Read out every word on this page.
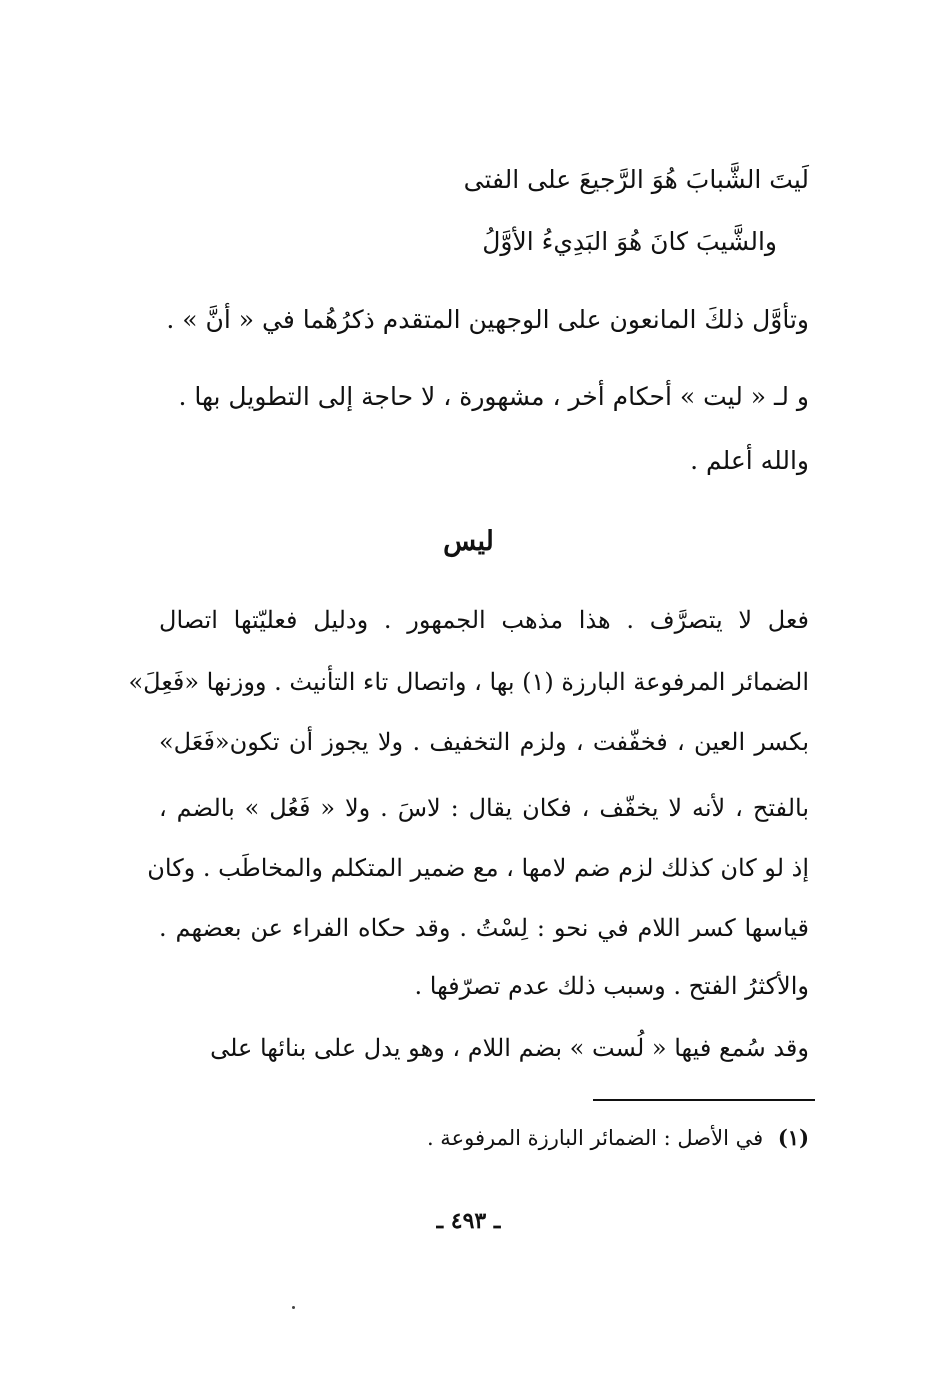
لَيتَ الشَّبابَ هُوَ الرَّجيعَ على الفتى
والشَّيبَ كانَ هُوَ البَدِيءُ الأوَّلُ
وتأوَّل ذلكَ المانعون على الوجهين المتقدم ذكرُهُما في « أنَّ » .
و لـ « ليت » أحكام أخر ، مشهورة ، لا حاجة إلى التطويل بها .
والله أعلم .
ليس
فعل لا يتصرَّف . هذا مذهب الجمهور . ودليل فعليّتها اتصال
الضمائر المرفوعة البارزة (١) بها ، واتصال تاء التأنيث . ووزنها «فَعِلَ»
بكسر العين ، فخفّفت ، ولزم التخفيف . ولا يجوز أن تكون«فَعَل»
بالفتح ، لأنه لا يخفّف ، فكان يقال : لاسَ . ولا « فَعُل » بالضم ،
إذ لو كان كذلك لزم ضم لامها ، مع ضمير المتكلم والمخاطَب . وكان
قياسها كسر اللام في نحو : لِسْتُ . وقد حكاه الفراء عن بعضهم .
والأكثرُ الفتح . وسبب ذلك عدم تصرّفها .
وقد سُمع فيها « لُست » بضم اللام ، وهو يدل على بنائها على
(١) في الأصل : الضمائر البارزة المرفوعة .
ـ ٤٩٣ ـ
